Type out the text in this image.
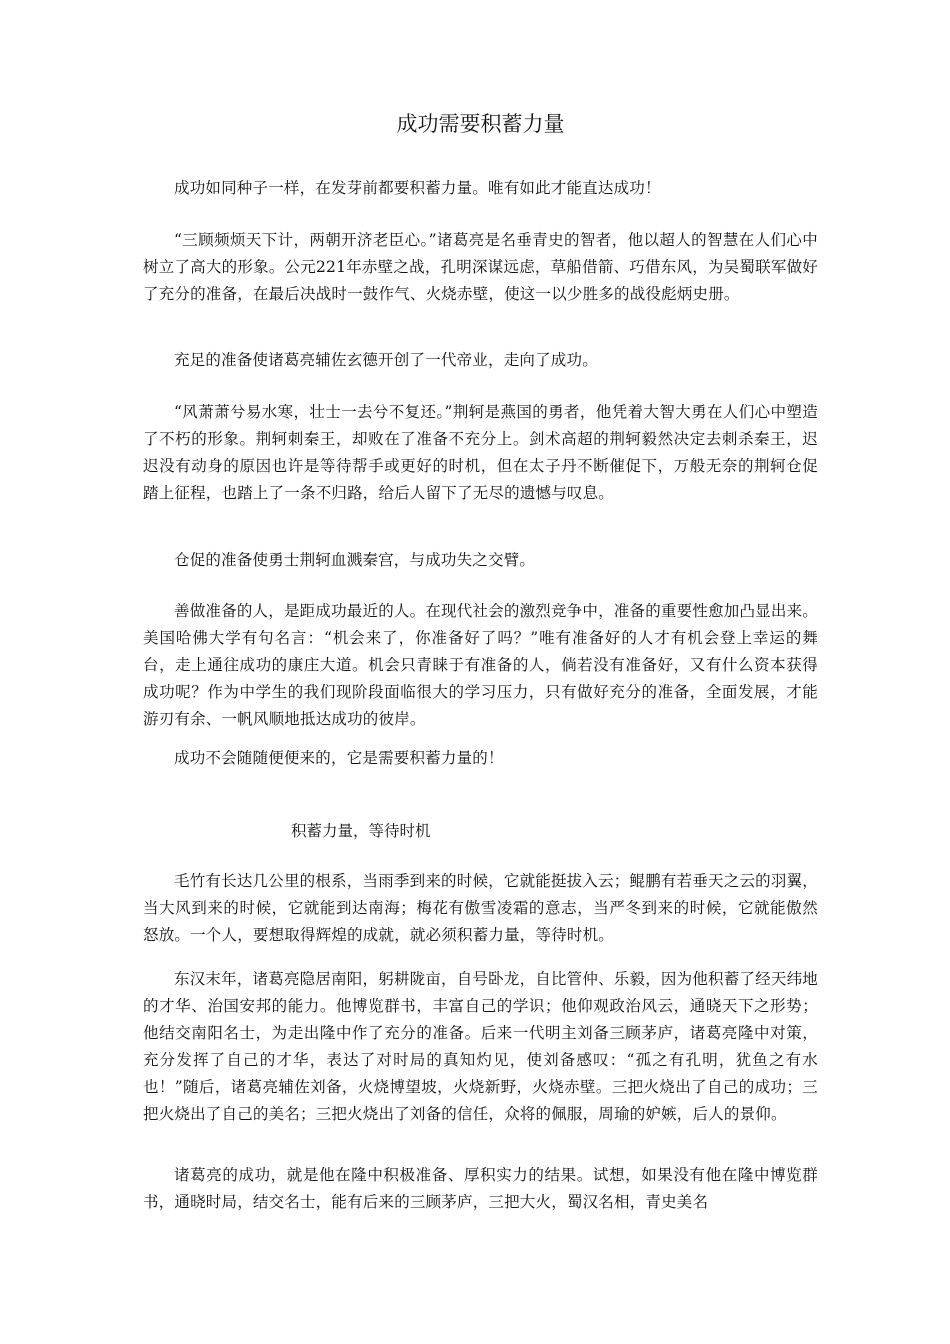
成功需要积蓄力量

成功如同种子一样，在发芽前都要积蓄力量。唯有如此才能直达成功！

“三顾频烦天下计，两朝开济老臣心。”诸葛亮是名垂青史的智者，他以超人的智慧在人们心中树立了高大的形象。公元221年赤壁之战，孔明深谋远虑，草船借箭、巧借东风，为吴蜀联军做好了充分的准备，在最后决战时一鼓作气、火烧赤壁，使这一以少胜多的战役彪炳史册。

充足的准备使诸葛亮辅佐玄德开创了一代帝业，走向了成功。

“风萧萧兮易水寒，壮士一去兮不复还。”荆轲是燕国的勇者，他凭着大智大勇在人们心中塑造了不朽的形象。荆轲刺秦王，却败在了准备不充分上。剑术高超的荆轲毅然决定去刺杀秦王，迟迟没有动身的原因也许是等待帮手或更好的时机，但在太子丹不断催促下，万般无奈的荆轲仓促踏上征程，也踏上了一条不归路，给后人留下了无尽的遗憾与叹息。

仓促的准备使勇士荆轲血溅秦宫，与成功失之交臂。

善做准备的人，是距成功最近的人。在现代社会的激烈竞争中，准备的重要性愈加凸显出来。美国哈佛大学有句名言：“机会来了，你准备好了吗？”唯有准备好的人才有机会登上幸运的舞台，走上通往成功的康庄大道。机会只青睐于有准备的人，倘若没有准备好，又有什么资本获得成功呢？作为中学生的我们现阶段面临很大的学习压力，只有做好充分的准备，全面发展，才能游刃有余、一帆风顺地抵达成功的彼岸。

成功不会随随便便来的，它是需要积蓄力量的！

积蓄力量，等待时机

毛竹有长达几公里的根系，当雨季到来的时候，它就能挺拔入云；鲲鹏有若垂天之云的羽翼，当大风到来的时候，它就能到达南海；梅花有傲雪凌霜的意志，当严冬到来的时候，它就能傲然怒放。一个人，要想取得辉煌的成就，就必须积蓄力量，等待时机。

东汉末年，诸葛亮隐居南阳，躬耕陇亩，自号卧龙，自比管仲、乐毅，因为他积蓄了经天纬地的才华、治国安邦的能力。他博览群书，丰富自己的学识；他仰观政治风云，通晓天下之形势；他结交南阳名士，为走出隆中作了充分的准备。后来一代明主刘备三顾茅庐，诸葛亮隆中对策，充分发挥了自己的才华，表达了对时局的真知灼见，使刘备感叹：“孤之有孔明，犹鱼之有水也！”随后，诸葛亮辅佐刘备，火烧博望坡，火烧新野，火烧赤壁。三把火烧出了自己的成功；三把火烧出了自己的美名；三把火烧出了刘备的信任，众将的佩服，周瑜的妒嫉，后人的景仰。

诸葛亮的成功，就是他在隆中积极准备、厚积实力的结果。试想，如果没有他在隆中博览群书，通晓时局，结交名士，能有后来的三顾茅庐，三把大火，蜀汉名相，青史美名
